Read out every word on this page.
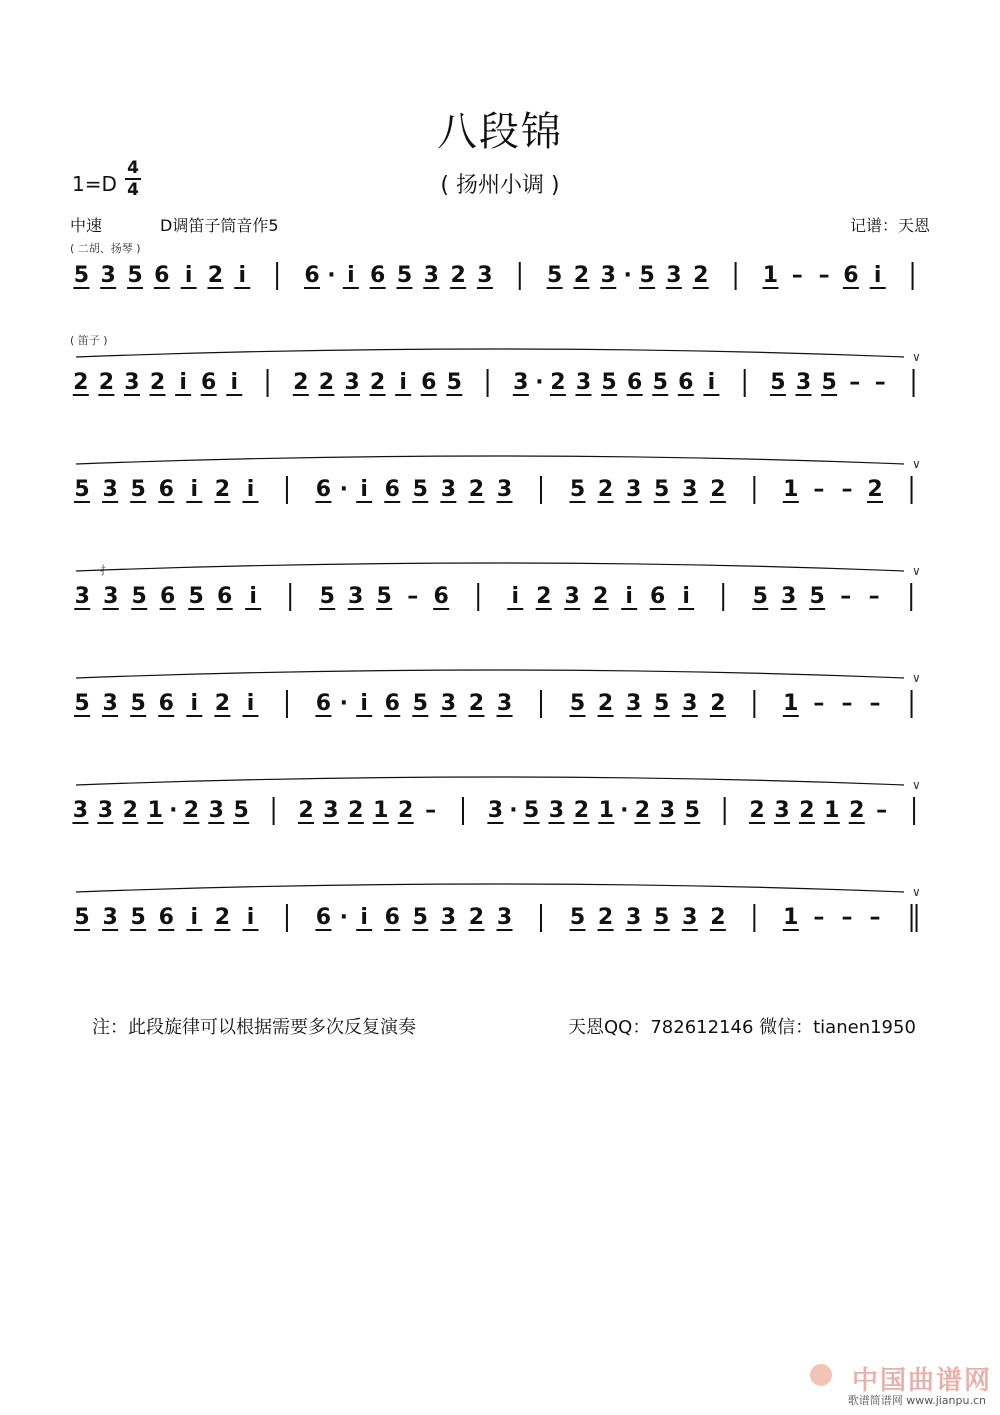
八段锦
( 扬州小调 )
1=D
4
4
中速	D调笛子筒音作5	记谱：天恩
( 二胡、扬琴 )
( 笛子 )
扌
5 3 5 6 i 2 i	6 · i 6 5 3 2 3 5 2 3 · 5 3 2 1 – – 6 i
2 2 3 2 i 6 i	2 2 3 2 i 6 5 3 · 2 3 5 6 5 6 i	5 3 5 – –
∨
5 3 5 6 i 2 i	6 · i 6 5 3 2 3	5 2 3 5 3 2	1 – – 2
∨
3 3 5 6 5 6 i	5 3 5 – 6	i 2 3 2 i 6 i	5 3 5 – –
∨
5 3 5 6 i 2 i	6 · i 6 5 3 2 3	5 2 3 5 3 2	1 – – –
∨
3 3 2 1 · 2 3 5 2 3 2 1 2 – 3 · 5 3 2 1 · 2 3 5 2 3 2 1 2 –
∨
5 3 5 6 i 2 i	6 · i 6 5 3 2 3	5 2 3 5 3 2	1 – – –
∨
注：此段旋律可以根据需要多次反复演奏	天恩QQ：782612146 微信：tianen1950
中国曲谱网
歌谱简谱网 www.jianpu.cn
